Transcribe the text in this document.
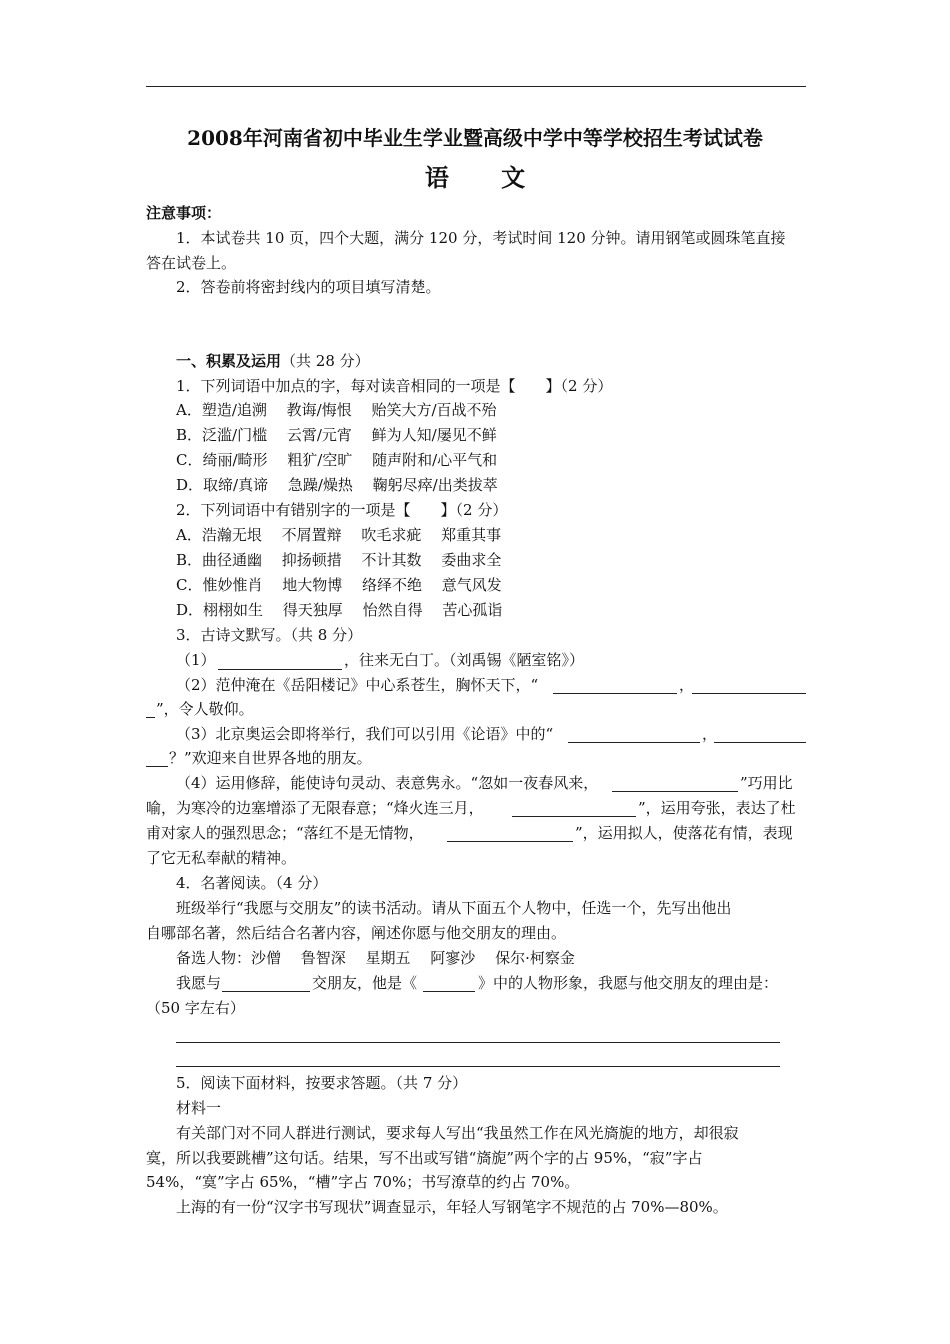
2008年河南省初中毕业生学业暨高级中学中等学校招生考试试卷
语 文
注意事项：
1．本试卷共 10 页，四个大题，满分 120 分，考试时间 120 分钟。请用钢笔或圆珠笔直接
答在试卷上。
2．答卷前将密封线内的项目填写清楚。
一、积累及运用（共 28 分）
1．下列词语中加点的字，每对读音相同的一项是【　　】（2 分）
A．塑造/追溯　 教诲/悔恨　 贻笑大方/百战不殆
B．泛滥/门槛　 云霄/元宵　 鲜为人知/屡见不鲜
C．绮丽/畸形　 粗犷/空旷　 随声附和/心平气和
D．取缔/真谛　 急躁/燥热　 鞠躬尽瘁/出类拔萃
2．下列词语中有错别字的一项是【　　】（2 分）
A．浩瀚无垠　 不屑置辩　 吹毛求疵　 郑重其事
B．曲径通幽　 抑扬顿措　 不计其数　 委曲求全
C．惟妙惟肖　 地大物博　 络绎不绝　 意气风发
D．栩栩如生　 得天独厚　 怡然自得　 苦心孤诣
3．古诗文默写。（共 8 分）
（1）	，往来无白丁。（刘禹锡《陋室铭》）
（2）范仲淹在《岳阳楼记》中心系苍生，胸怀天下，“	，
”，令人敬仰。
（3）北京奥运会即将举行，我们可以引用《论语》中的“	，
？”欢迎来自世界各地的朋友。
（4）运用修辞，能使诗句灵动、表意隽永。“忽如一夜春风来，	”巧用比
喻，为寒冷的边塞增添了无限春意；“烽火连三月，	”，运用夸张，表达了杜
甫对家人的强烈思念；“落红不是无情物，	”，运用拟人，使落花有情，表现
了它无私奉献的精神。
4．名著阅读。（4 分）
班级举行“我愿与交朋友”的读书活动。请从下面五个人物中，任选一个，先写出他出
自哪部名著，然后结合名著内容，阐述你愿与他交朋友的理由。
备选人物：沙僧　 鲁智深　 星期五　 阿寥沙　 保尔·柯察金
我愿与	交朋友，他是《	》中的人物形象，我愿与他交朋友的理由是：
（50 字左右）
5．阅读下面材料，按要求答题。（共 7 分）
材料一
有关部门对不同人群进行测试，要求每人写出“我虽然工作在风光旖旎的地方，却很寂
寞，所以我要跳槽”这句话。结果，写不出或写错“旖旎”两个字的占 95%，“寂”字占
54%，“寞”字占 65%，“槽”字占 70%；书写潦草的约占 70%。
上海的有一份“汉字书写现状”调查显示，年轻人写钢笔字不规范的占 70%—80%。
